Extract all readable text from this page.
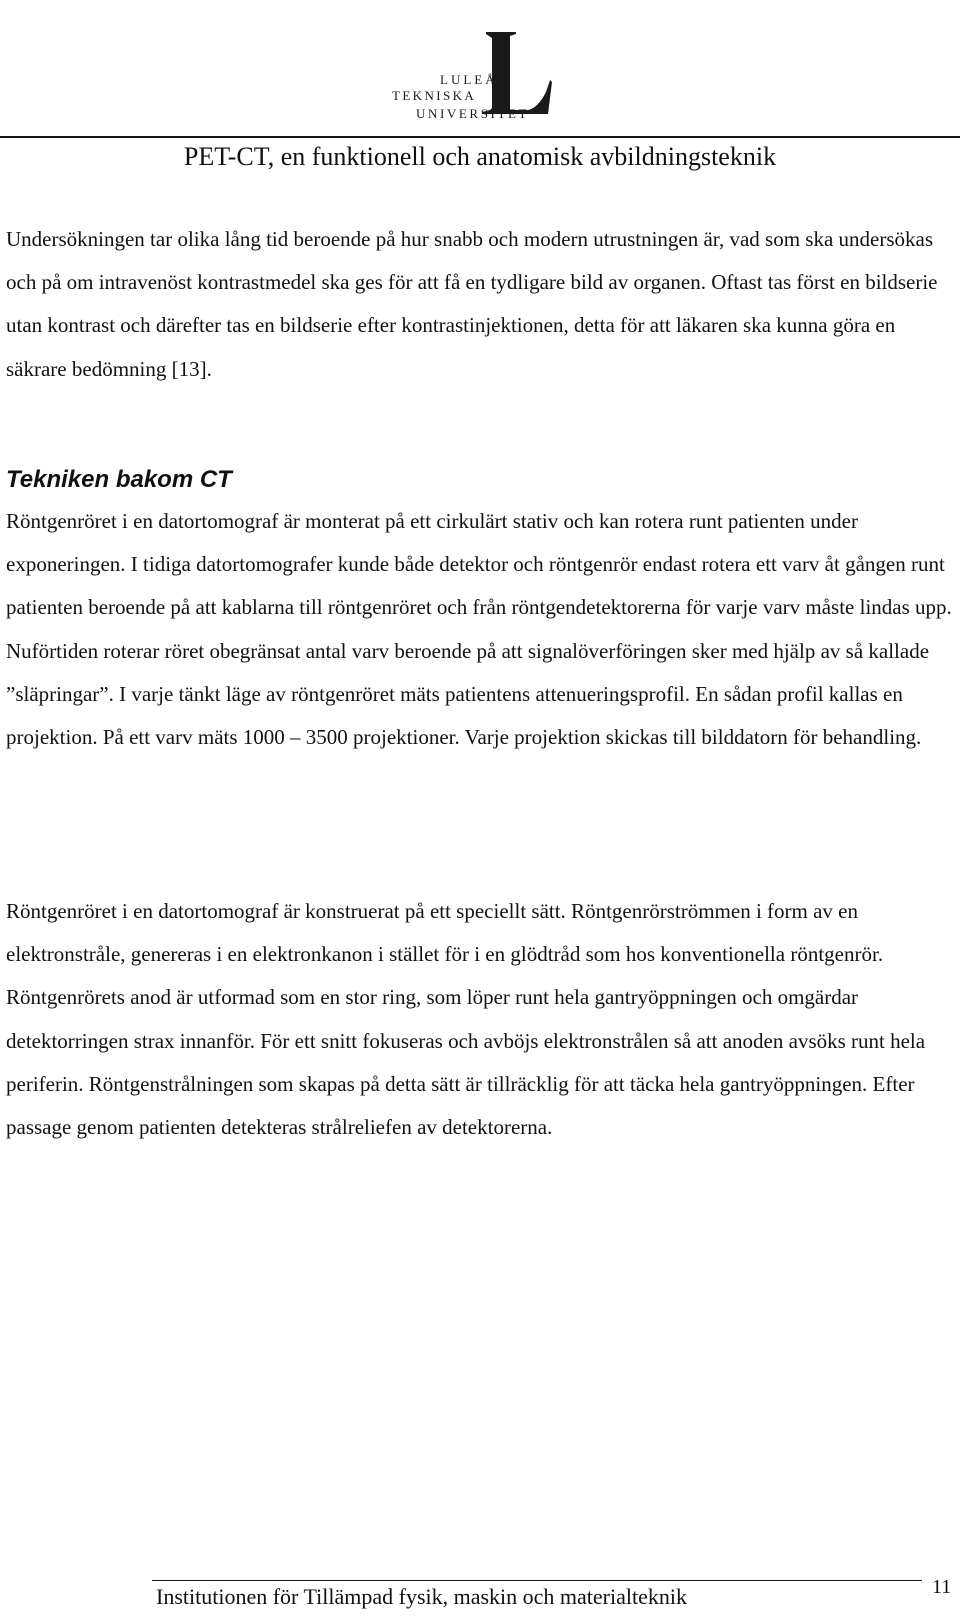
LULEÅ
TEKNISKA
UNIVERSITET
PET-CT, en funktionell och anatomisk avbildningsteknik

Undersökningen tar olika lång tid beroende på hur snabb och modern utrustningen är, vad som ska undersökas och på om intravenöst kontrastmedel ska ges för att få en tydligare bild av organen. Oftast tas först en bildserie utan kontrast och därefter tas en bildserie efter kontrastinjektionen, detta för att läkaren ska kunna göra en säkrare bedömning [13].

Tekniken bakom CT

Röntgenröret i en datortomograf är monterat på ett cirkulärt stativ och kan rotera runt patienten under exponeringen. I tidiga datortomografer kunde både detektor och röntgenrör endast rotera ett varv åt gången runt patienten beroende på att kablarna till röntgenröret och från röntgendetektorerna för varje varv måste lindas upp. Nuförtiden roterar röret obegränsat antal varv beroende på att signalöverföringen sker med hjälp av så kallade ”släpringar”. I varje tänkt läge av röntgenröret mäts patientens attenueringsprofil. En sådan profil kallas en projektion. På ett varv mäts 1000 – 3500 projektioner. Varje projektion skickas till bilddatorn för behandling.

Röntgenröret i en datortomograf är konstruerat på ett speciellt sätt. Röntgenrörströmmen i form av en elektronstråle, genereras i en elektronkanon i stället för i en glödtråd som hos konventionella röntgenrör. Röntgenrörets anod är utformad som en stor ring, som löper runt hela gantryöppningen och omgärdar detektorringen strax innanför. För ett snitt fokuseras och avböjs elektronstrålen så att anoden avsöks runt hela periferin. Röntgenstrålningen som skapas på detta sätt är tillräcklig för att täcka hela gantryöppningen. Efter passage genom patienten detekteras strålreliefen av detektorerna.

Institutionen för Tillämpad fysik, maskin och materialteknik	11
